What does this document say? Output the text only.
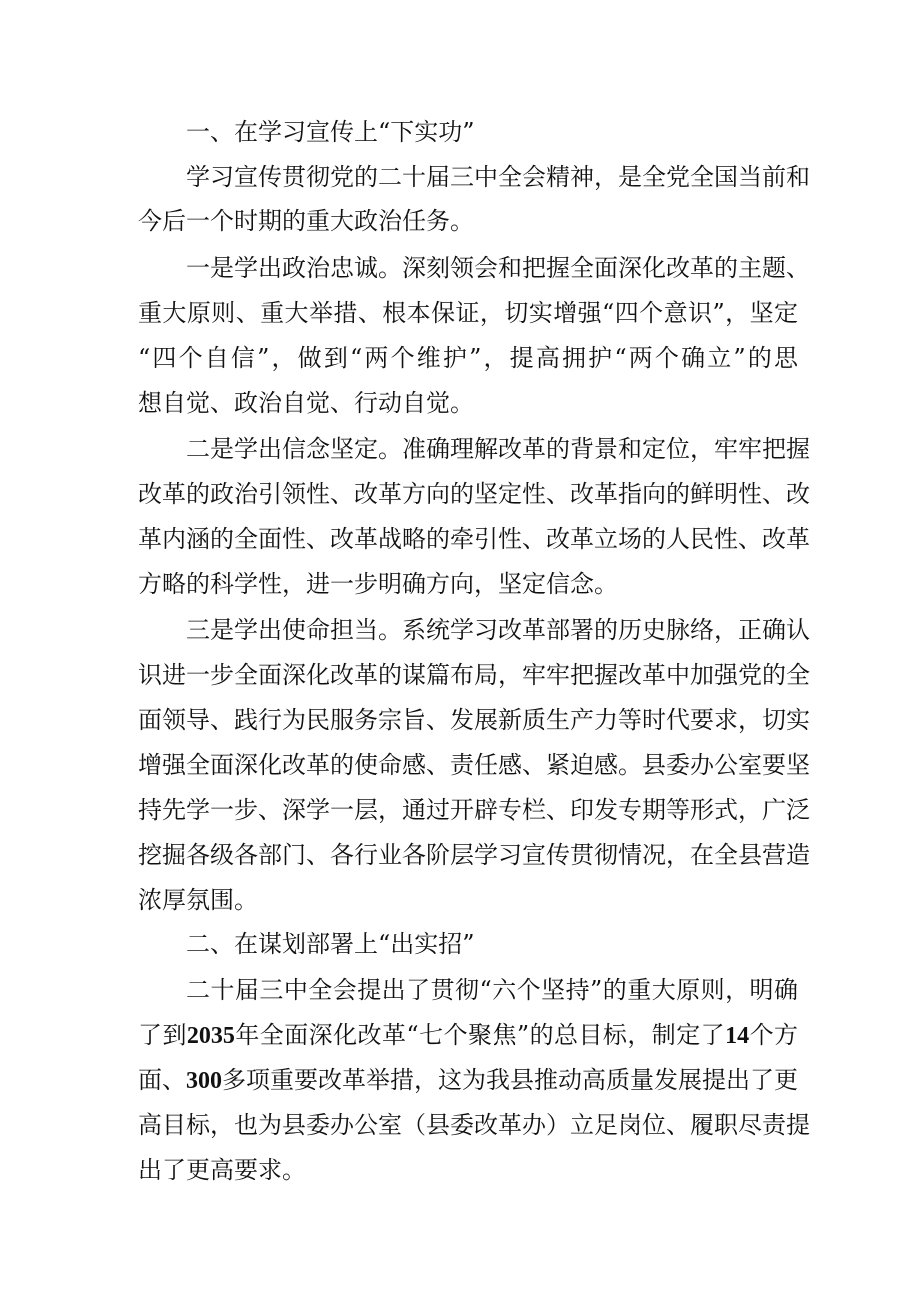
一、在学习宣传上“下实功”
学习宣传贯彻党的二十届三中全会精神，是全党全国当前和
今后一个时期的重大政治任务。
一是学出政治忠诚。深刻领会和把握全面深化改革的主题、
重大原则、重大举措、根本保证，切实增强“四个意识”，坚定
“四个自信”，做到“两个维护”，提高拥护“两个确立”的思
想自觉、政治自觉、行动自觉。
二是学出信念坚定。准确理解改革的背景和定位，牢牢把握
改革的政治引领性、改革方向的坚定性、改革指向的鲜明性、改
革内涵的全面性、改革战略的牵引性、改革立场的人民性、改革
方略的科学性，进一步明确方向，坚定信念。
三是学出使命担当。系统学习改革部署的历史脉络，正确认
识进一步全面深化改革的谋篇布局，牢牢把握改革中加强党的全
面领导、践行为民服务宗旨、发展新质生产力等时代要求，切实
增强全面深化改革的使命感、责任感、紧迫感。县委办公室要坚
持先学一步、深学一层，通过开辟专栏、印发专期等形式，广泛
挖掘各级各部门、各行业各阶层学习宣传贯彻情况，在全县营造
浓厚氛围。
二、在谋划部署上“出实招”
二十届三中全会提出了贯彻“六个坚持”的重大原则，明确
了到2035年全面深化改革“七个聚焦”的总目标，制定了14个方
面、300多项重要改革举措，这为我县推动高质量发展提出了更
高目标，也为县委办公室（县委改革办）立足岗位、履职尽责提
出了更高要求。
